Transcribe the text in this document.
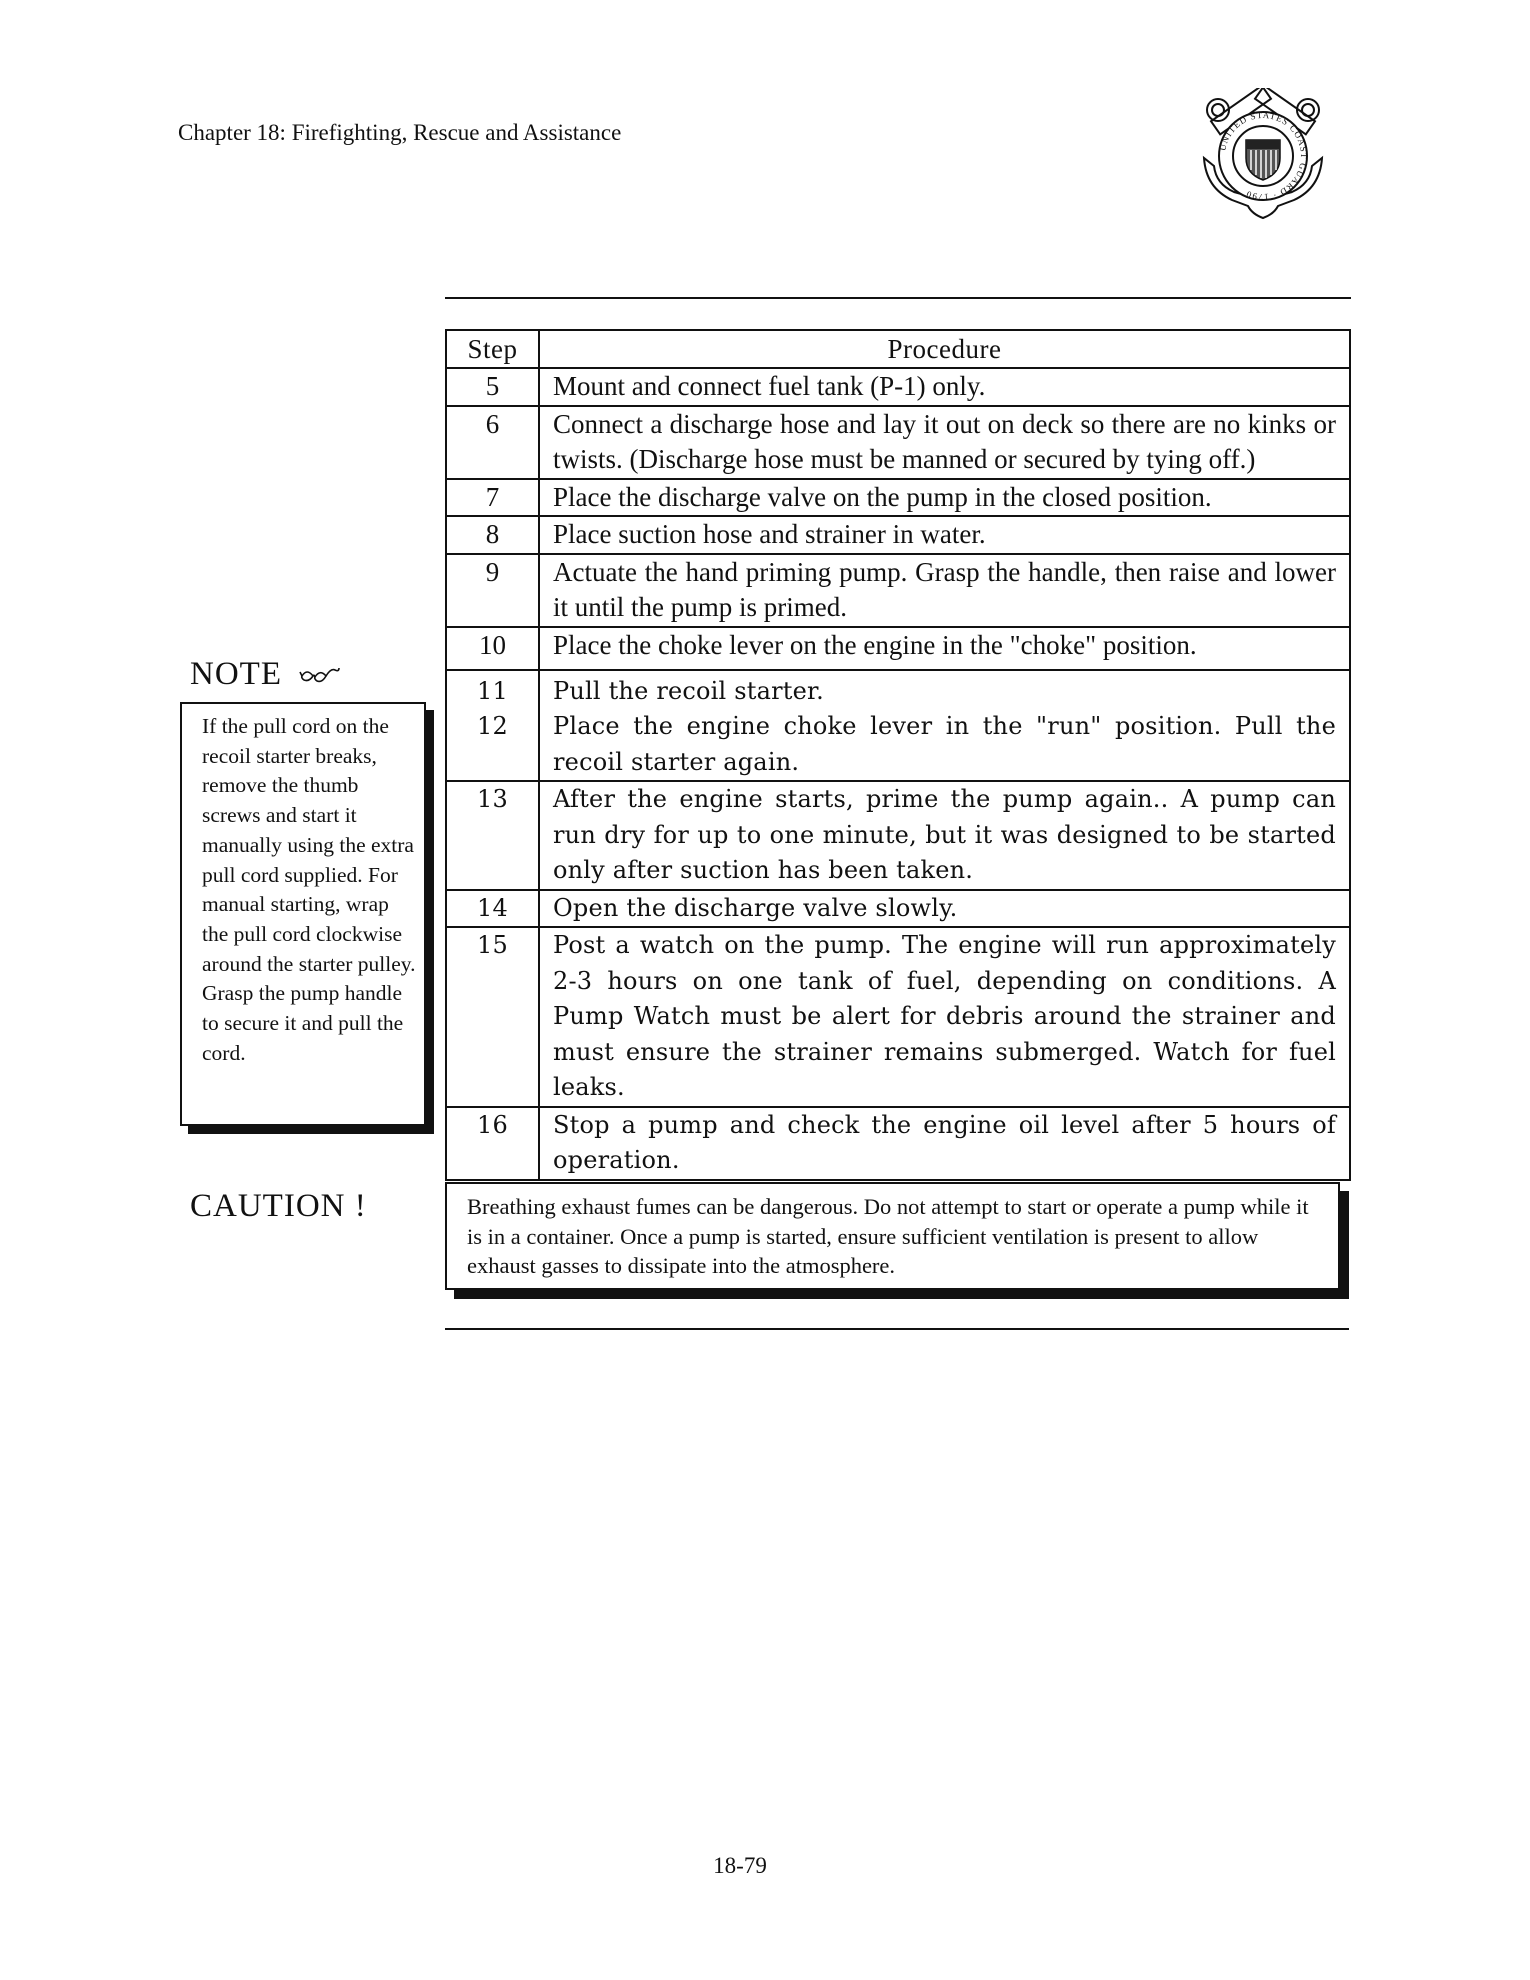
Chapter 18: Firefighting, Rescue and Assistance
UNITED STATES COAST GUARD · 1790
Step	Procedure
5	Mount and connect fuel tank (P-1) only.
6	Connect a discharge hose and lay it out on deck so there are no kinks or twists. (Discharge hose must be manned or secured by tying off.)
7	Place the discharge valve on the pump in the closed position.
8	Place suction hose and strainer in water.
9	Actuate the hand priming pump. Grasp the handle, then raise and lower it until the pump is primed.
10	Place the choke lever on the engine in the "choke" position.
11	Pull the recoil starter.
12	Place the engine choke lever in the "run" position. Pull the recoil starter again.
13	After the engine starts, prime the pump again.. A pump can run dry for up to one minute, but it was designed to be started only after suction has been taken.
14	Open the discharge valve slowly.
15	Post a watch on the pump. The engine will run approximately 2-3 hours on one tank of fuel, depending on conditions. A Pump Watch must be alert for debris around the strainer and must ensure the strainer remains submerged. Watch for fuel leaks.
16	Stop a pump and check the engine oil level after 5 hours of operation.
NOTE
If the pull cord on the recoil starter breaks, remove the thumb screws and start it manually using the extra pull cord supplied. For manual starting, wrap the pull cord clockwise around the starter pulley. Grasp the pump handle to secure it and pull the cord.
CAUTION !	Breathing exhaust fumes can be dangerous. Do not attempt to start or operate a pump while it is in a container. Once a pump is started, ensure sufficient ventilation is present to allow exhaust gasses to dissipate into the atmosphere.
18-79
